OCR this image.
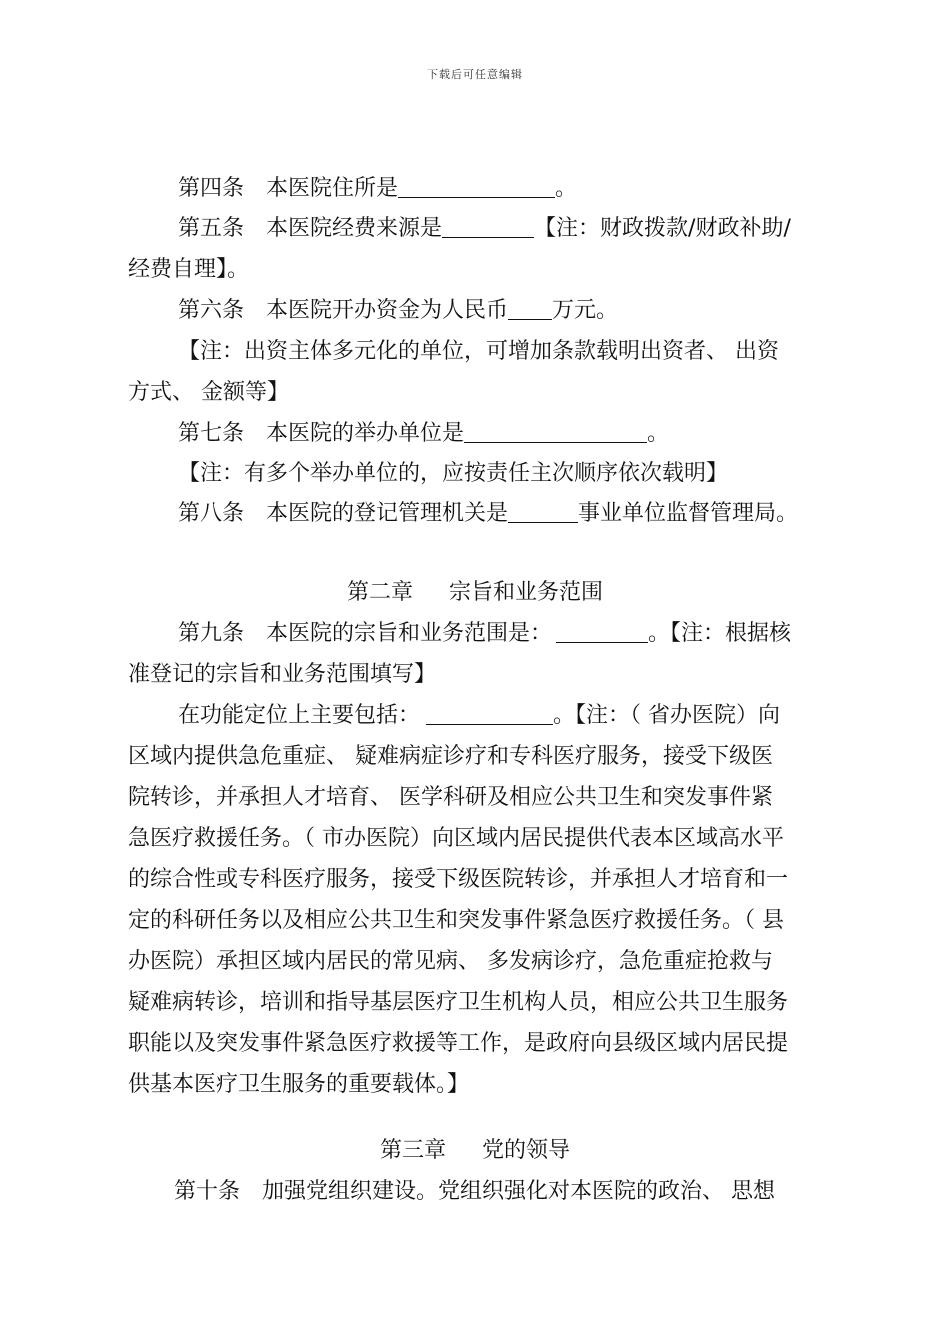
下载后可任意编辑
第四条 本医院住所是	。
第五条 本医院经费来源是	【注：财政拨款/财政补助/
经费自理】。
第六条 本医院开办资金为人民币 万元。
【注：出资主体多元化的单位，可增加条款载明出资者、 出资
方式、 金额等】
第七条 本医院的举办单位是	。
【注：有多个举办单位的，应按责任主次顺序依次载明】
第八条 本医院的登记管理机关是	事业单位监督管理局。
第二章 宗旨和业务范围
第九条 本医院的宗旨和业务范围是：	。【注：根据核
准登记的宗旨和业务范围填写】
在功能定位上主要包括：	。【注：（ 省办医院）向
区域内提供急危重症、 疑难病症诊疗和专科医疗服务，接受下级医
院转诊，并承担人才培育、 医学科研及相应公共卫生和突发事件紧
急医疗救援任务。（ 市办医院）向区域内居民提供代表本区域高水平
的综合性或专科医疗服务，接受下级医院转诊，并承担人才培育和一
定的科研任务以及相应公共卫生和突发事件紧急医疗救援任务。（ 县
办医院）承担区域内居民的常见病、 多发病诊疗，急危重症抢救与
疑难病转诊，培训和指导基层医疗卫生机构人员，相应公共卫生服务
职能以及突发事件紧急医疗救援等工作，是政府向县级区域内居民提
供基本医疗卫生服务的重要载体。】
第三章 党的领导
第十条 加强党组织建设。党组织强化对本医院的政治、 思想
